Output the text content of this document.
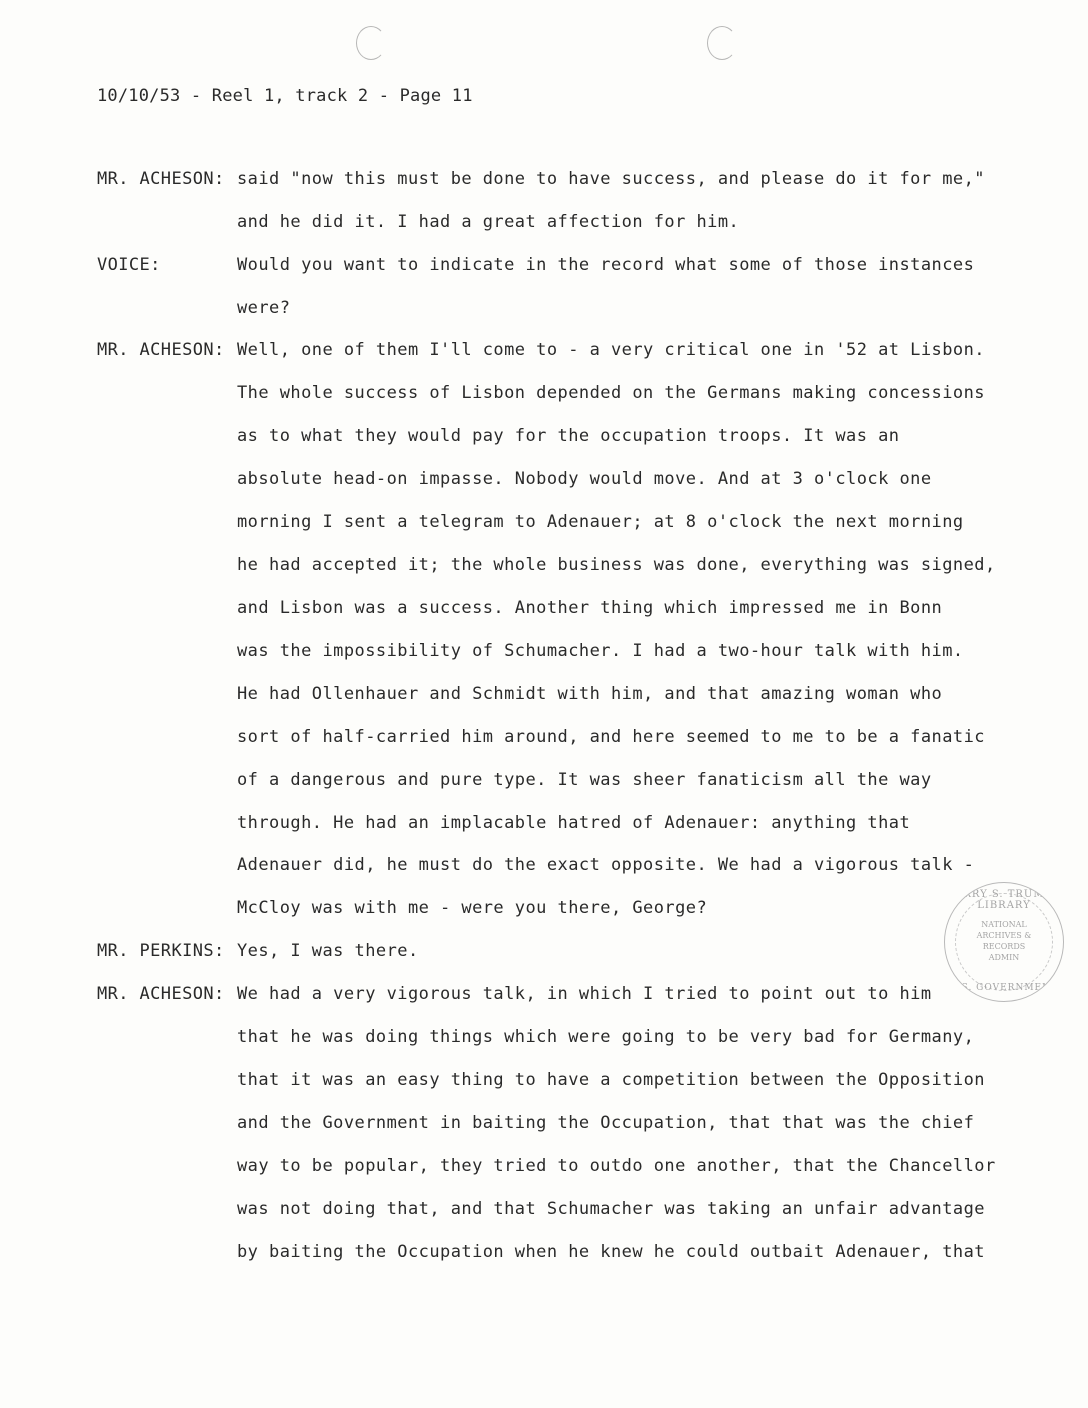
10/10/53 - Reel 1, track 2 - Page 11
MR. ACHESON: said "now this must be done to have success, and please do it for me,"
and he did it. I had a great affection for him.
VOICE:	Would you want to indicate in the record what some of those instances
were?
MR. ACHESON: Well, one of them I'll come to - a very critical one in '52 at Lisbon.
The whole success of Lisbon depended on the Germans making concessions
as to what they would pay for the occupation troops. It was an
absolute head-on impasse. Nobody would move. And at 3 o'clock one
morning I sent a telegram to Adenauer; at 8 o'clock the next morning
he had accepted it; the whole business was done, everything was signed,
and Lisbon was a success. Another thing which impressed me in Bonn
was the impossibility of Schumacher. I had a two-hour talk with him.
He had Ollenhauer and Schmidt with him, and that amazing woman who
sort of half-carried him around, and here seemed to me to be a fanatic
of a dangerous and pure type. It was sheer fanaticism all the way
through. He had an implacable hatred of Adenauer: anything that
Adenauer did, he must do the exact opposite. We had a vigorous talk -
McCloy was with me - were you there, George?
MR. PERKINS: Yes, I was there.
MR. ACHESON: We had a very vigorous talk, in which I tried to point out to him
that he was doing things which were going to be very bad for Germany,
that it was an easy thing to have a competition between the Opposition
and the Government in baiting the Occupation, that that was the chief
way to be popular, they tried to outdo one another, that the Chancellor
was not doing that, and that Schumacher was taking an unfair advantage
by baiting the Occupation when he knew he could outbait Adenauer, that
HARRY S. TRUMAN LIBRARY
NATIONAL
ARCHIVES &
RECORDS
ADMIN
U.S. GOVERNMENT
